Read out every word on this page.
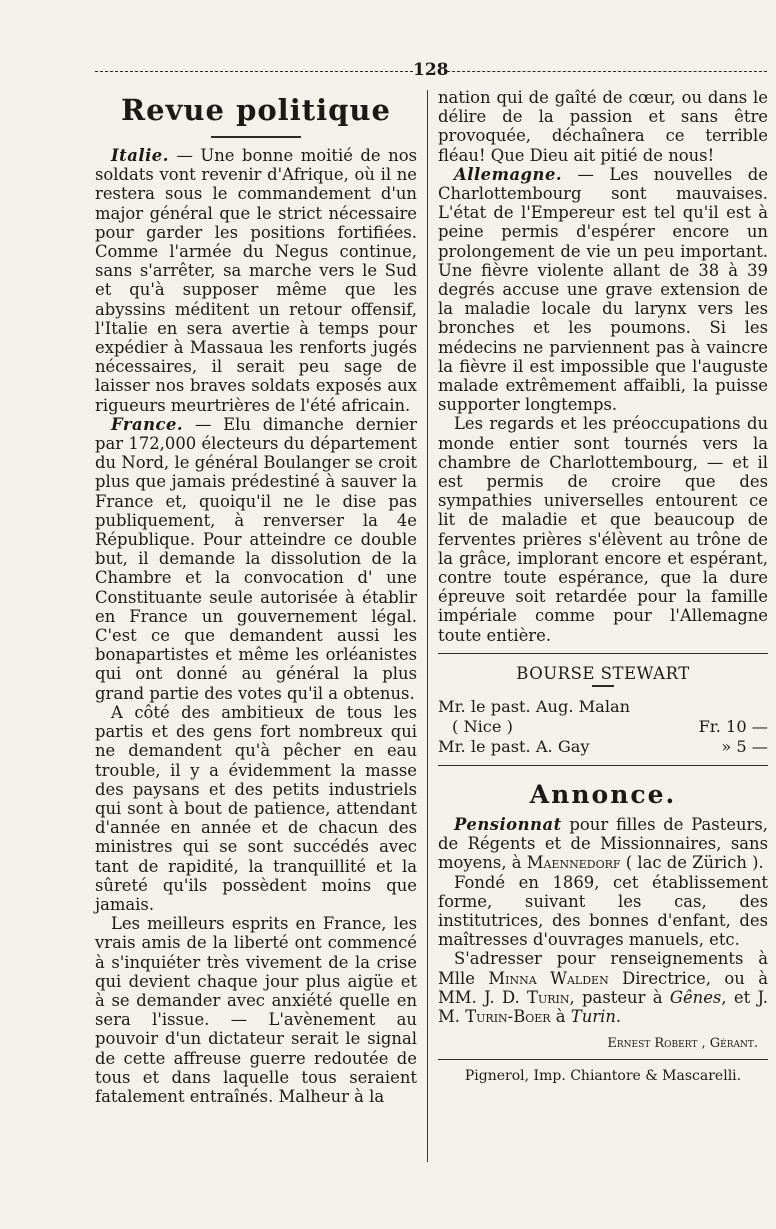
128
Revue politique

Italie. — Une bonne moitié de nos soldats vont revenir d'Afrique, où il ne restera sous le commandement d'un major général que le strict nécessaire pour garder les positions fortifiées. Comme l'armée du Negus continue, sans s'arrêter, sa marche vers le Sud et qu'à supposer même que les abyssins méditent un retour offensif, l'Italie en sera avertie à temps pour expédier à Massaua les renforts jugés nécessaires, il serait peu sage de laisser nos braves soldats exposés aux rigueurs meurtrières de l'été africain.

France. — Elu dimanche dernier par 172,000 électeurs du département du Nord, le général Boulanger se croit plus que jamais prédestiné à sauver la France et, quoiqu'il ne le dise pas publiquement, à renverser la 4e République. Pour atteindre ce double but, il demande la dissolution de la Chambre et la convocation d' une Constituante seule autorisée à établir en France un gouvernement légal. C'est ce que demandent aussi les bonapartistes et même les orléanistes qui ont donné au général la plus grand partie des votes qu'il a obtenus.

A côté des ambitieux de tous les partis et des gens fort nombreux qui ne demandent qu'à pêcher en eau trouble, il y a évidemment la masse des paysans et des petits industriels qui sont à bout de patience, attendant d'année en année et de chacun des ministres qui se sont succédés avec tant de rapidité, la tranquillité et la sûreté qu'ils possèdent moins que jamais.

Les meilleurs esprits en France, les vrais amis de la liberté ont commencé à s'inquiéter très vivement de la crise qui devient chaque jour plus aigüe et à se demander avec anxiété quelle en sera l'issue. — L'avènement au pouvoir d'un dictateur serait le signal de cette affreuse guerre redoutée de tous et dans laquelle tous seraient fatalement entraînés. Malheur à la

nation qui de gaîté de cœur, ou dans le délire de la passion et sans être provoquée, déchaînera ce terrible fléau! Que Dieu ait pitié de nous!

Allemagne. — Les nouvelles de Charlottembourg sont mauvaises. L'état de l'Empereur est tel qu'il est à peine permis d'espérer encore un prolongement de vie un peu important. Une fièvre violente allant de 38 à 39 degrés accuse une grave extension de la maladie locale du larynx vers les bronches et les poumons. Si les médecins ne parviennent pas à vaincre la fièvre il est impossible que l'auguste malade extrêmement affaibli, la puisse supporter longtemps.

Les regards et les préoccupations du monde entier sont tournés vers la chambre de Charlottembourg, — et il est permis de croire que des sympathies universelles entourent ce lit de maladie et que beaucoup de ferventes prières s'élèvent au trône de la grâce, implorant encore et espérant, contre toute espérance, que la dure épreuve soit retardée pour la famille impériale comme pour l'Allemagne toute entière.

BOURSE STEWART
Mr. le past. Aug. Malan
( Nice )	Fr. 10 —
Mr. le past. A. Gay	» 5 —
Annonce.

Pensionnat pour filles de Pasteurs, de Régents et de Missionnaires, sans moyens, à Maennedorf ( lac de Zürich ).

Fondé en 1869, cet établissement forme, suivant les cas, des institutrices, des bonnes d'enfant, des maîtresses d'ouvrages manuels, etc.

S'adresser pour renseignements à Mlle Minna Walden Directrice, ou à MM. J. D. Turin, pasteur à Gênes, et J. M. Turin-Boer à Turin.

Ernest Robert , Gérant.
Pignerol, Imp. Chiantore & Mascarelli.
